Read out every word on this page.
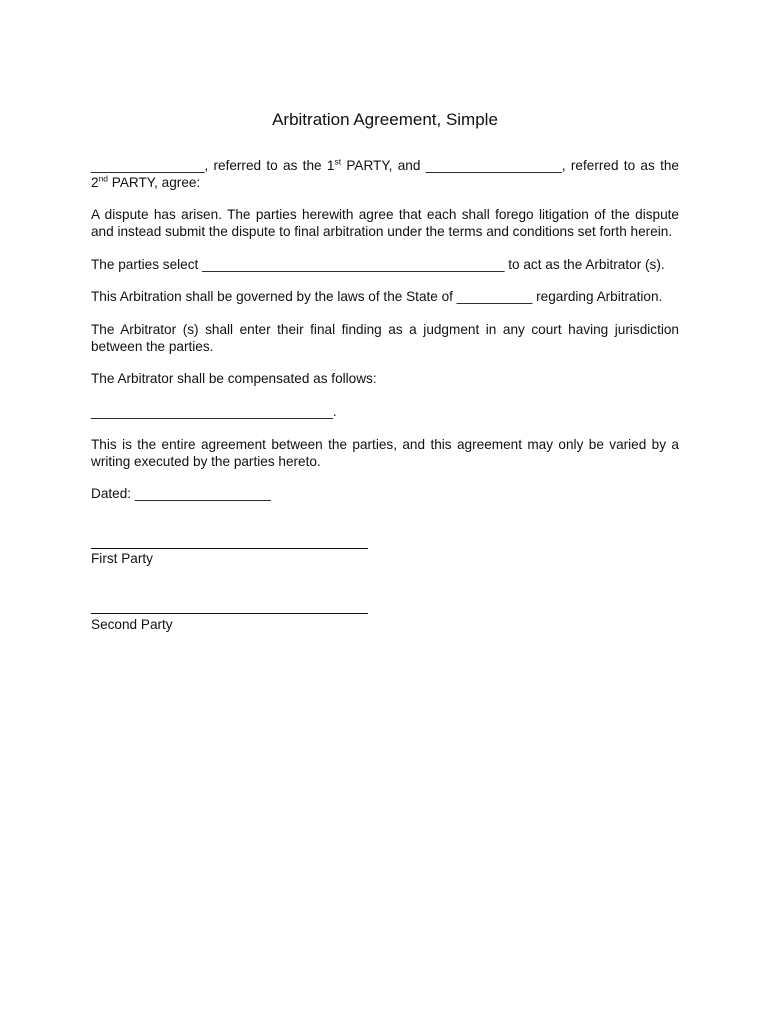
Arbitration Agreement, Simple

_______________, referred to as the 1st PARTY, and __________________, referred to as the

2nd PARTY, agree:

A dispute has arisen. The parties herewith agree that each shall forego litigation of the dispute and instead submit the dispute to final arbitration under the terms and conditions set forth herein.

The parties select ________________________________________ to act as the Arbitrator (s).

This Arbitration shall be governed by the laws of the State of __________ regarding Arbitration.

The Arbitrator (s) shall enter their final finding as a judgment in any court having jurisdiction between the parties.

The Arbitrator shall be compensated as follows:

________________________________.

This is the entire agreement between the parties, and this agreement may only be varied by a writing executed by the parties hereto.

Dated: __________________

First Party

Second Party
